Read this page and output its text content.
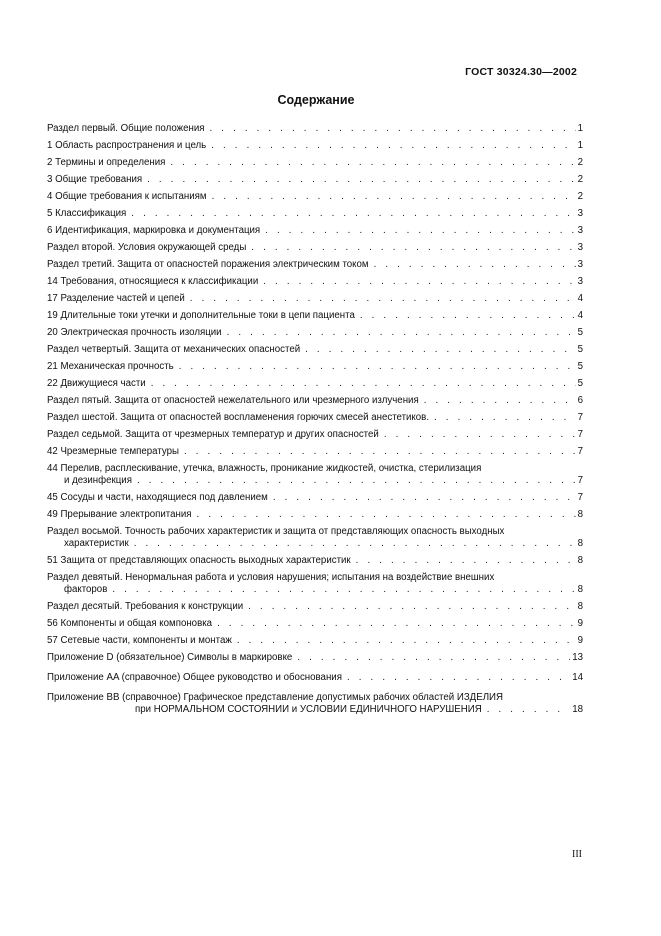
ГОСТ 30324.30—2002
Содержание
Раздел первый. Общие положения . . .	1
1 Область распространения и цель . . .	1
2 Термины и определения . . .	2
3 Общие требования . . .	2
4 Общие требования к испытаниям . . .	2
5 Классификация . . .	3
6 Идентификация, маркировка и документация . . .	3
Раздел второй. Условия окружающей среды . . .	3
Раздел третий. Защита от опасностей поражения электрическим током . . .	3
14 Требования, относящиеся к классификации . . .	3
17 Разделение частей и цепей . . .	4
19 Длительные токи утечки и дополнительные токи в цепи пациента . . .	4
20 Электрическая прочность изоляции . . .	5
Раздел четвертый. Защита от механических опасностей . . .	5
21 Механическая прочность . . .	5
22 Движущиеся части . . .	5
Раздел пятый. Защита от опасностей нежелательного или чрезмерного излучения . . .	6
Раздел шестой. Защита от опасностей воспламенения горючих смесей анестетиков. . . .	7
Раздел седьмой. Защита от чрезмерных температур и других опасностей . . .	7
42 Чрезмерные температуры . . .	7
44 Перелив, расплескивание, утечка, влажность, проникание жидкостей, очистка, стерилизация
и дезинфекция . . .	7
45 Сосуды и части, находящиеся под давлением . . .	7
49 Прерывание электропитания . . .	8
Раздел восьмой. Точность рабочих характеристик и защита от представляющих опасность выходных
характеристик . . .	8
51 Защита от представляющих опасность выходных характеристик . . .	8
Раздел девятый. Ненормальная работа и условия нарушения; испытания на воздействие внешних
факторов . . .	8
Раздел десятый. Требования к конструкции . . .	8
56 Компоненты и общая компоновка . . .	9
57 Сетевые части, компоненты и монтаж . . .	9
Приложение D (обязательное) Символы в маркировке . . .	13
Приложение AA (справочное) Общее руководство и обоснования . . .	14
Приложение BB (справочное) Графическое представление допустимых рабочих областей ИЗДЕЛИЯ
при НОРМАЛЬНОМ СОСТОЯНИИ и УСЛОВИИ ЕДИНИЧНОГО НАРУШЕНИЯ . . .	18
III
